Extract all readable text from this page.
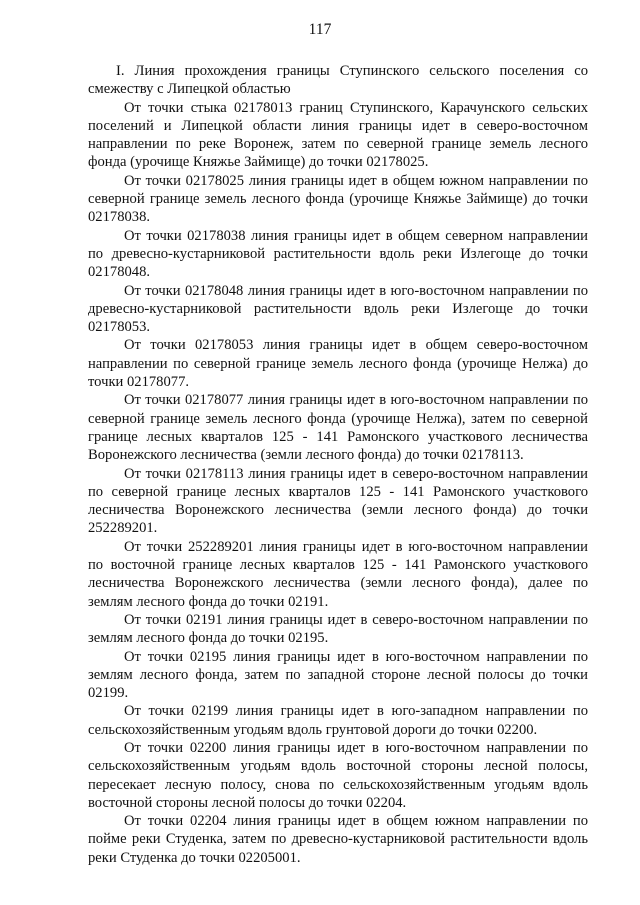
117

I. Линия прохождения границы Ступинского сельского поселения со смежеству с Липецкой областью

От точки стыка 02178013 границ Ступинского, Карачунского сельских поселений и Липецкой области линия границы идет в северо-восточном направлении по реке Воронеж, затем по северной границе земель лесного фонда (урочище Княжье Займище) до точки 02178025.

От точки 02178025 линия границы идет в общем южном направлении по северной границе земель лесного фонда (урочище Княжье Займище) до точки 02178038.

От точки 02178038 линия границы идет в общем северном направлении по древесно-кустарниковой растительности вдоль реки Излегоще до точки 02178048.

От точки 02178048 линия границы идет в юго-восточном направлении по древесно-кустарниковой растительности вдоль реки Излегоще до точки 02178053.

От точки 02178053 линия границы идет в общем северо-восточном направлении по северной границе земель лесного фонда (урочище Нелжа) до точки 02178077.

От точки 02178077 линия границы идет в юго-восточном направлении по северной границе земель лесного фонда (урочище Нелжа), затем по северной границе лесных кварталов 125 - 141 Рамонского участкового лесничества Воронежского лесничества (земли лесного фонда) до точки 02178113.

От точки 02178113 линия границы идет в северо-восточном направлении по северной границе лесных кварталов 125 - 141 Рамонского участкового лесничества Воронежского лесничества (земли лесного фонда) до точки 252289201.

От точки 252289201 линия границы идет в юго-восточном направлении по восточной границе лесных кварталов 125 - 141 Рамонского участкового лесничества Воронежского лесничества (земли лесного фонда), далее по землям лесного фонда до точки 02191.

От точки 02191 линия границы идет в северо-восточном направлении по землям лесного фонда до точки 02195.

От точки 02195 линия границы идет в юго-восточном направлении по землям лесного фонда, затем по западной стороне лесной полосы до точки 02199.

От точки 02199 линия границы идет в юго-западном направлении по сельскохозяйственным угодьям вдоль грунтовой дороги до точки 02200.

От точки 02200 линия границы идет в юго-восточном направлении по сельскохозяйственным угодьям вдоль восточной стороны лесной полосы, пересекает лесную полосу, снова по сельскохозяйственным угодьям вдоль восточной стороны лесной полосы до точки 02204.

От точки 02204 линия границы идет в общем южном направлении по пойме реки Студенка, затем по древесно-кустарниковой растительности вдоль реки Студенка до точки 02205001.
